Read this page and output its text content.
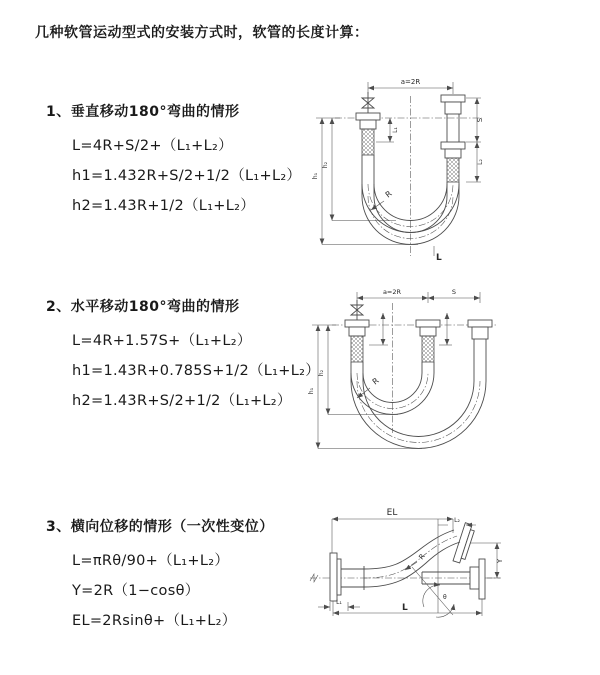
几种软管运动型式的安装方式时，软管的长度计算：

1、垂直移动180°弯曲的情形

L=4R+S/2+（L₁+L₂）

h1=1.432R+S/2+1/2（L₁+L₂）

h2=1.43R+1/2（L₁+L₂）

2、水平移动180°弯曲的情形

L=4R+1.57S+（L₁+L₂）

h1=1.43R+0.785S+1/2（L₁+L₂）

h2=1.43R+S/2+1/2（L₁+L₂）

3、横向位移的情形（一次性变位）

L=πRθ/90+（L₁+L₂）

Y=2R（1−cosθ）

EL=2Rsinθ+（L₁+L₂）

a=2R
L₁
S
L₂
h₁
h₂
R
L
a=2R	S
h₁
h₂
R
θ
EL
L₂
Y
L₁
L
R
